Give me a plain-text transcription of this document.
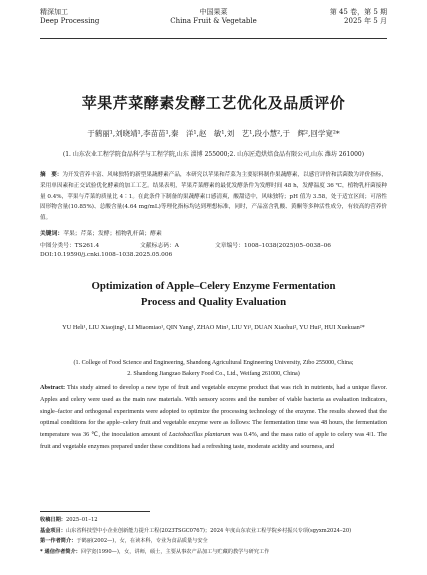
精深加工
Deep Processing
中国果菜
China Fruit & Vegetable
第 45 卷，第 5 期
2025 年 5 月
苹果芹菜酵素发酵工艺优化及品质评价
于鹤丽¹,刘晓靖¹,李苗苗¹,秦　洋¹,赵　敏¹,刘　艺¹,段小慧²,于　辉²,回学宽²*
(1. 山东农业工程学院食品科学与工程学院,山东 淄博 255000;2. 山东匠造烘焙食品有限公司,山东 潍坊 261000)
摘　要：为开发营养丰富、风味独特的新型果蔬酵素产品，本研究以苹果和芹菜为主要原料制作果蔬酵素，以感官评价和活菌数为评价指标，采用单因素和正交试验优化酵素的加工工艺。结果表明，苹果芹菜酵素的最优发酵条件为发酵时间 48 h，发酵温度 36 ℃，植物乳杆菌接种量 0.4%，苹果与芹菜的质量比 4∶1。在此条件下制备的果蔬酵素口感清爽，酸甜适中，风味独特；pH 值为 3.58，处于适宜区间；可溶性固形物含量(10.85%)、总酸含量(4.64 mg/mL)等理化指标均达到理想标准，同时，产品富含乳酸、黄酮等多种活性成分，有较高的营养价值。
关键词：苹果；芹菜；发酵；植物乳杆菌；酵素
中图分类号：TS261.4	文献标志码：A	文章编号：1008–1038(2025)05–0038–06
DOI:10.19590/j.cnki.1008–1038.2025.05.006
Optimization of Apple–Celery Enzyme Fermentation
Process and Quality Evaluation
YU Heli¹, LIU Xiaojing¹, LI Miaomiao¹, QIN Yang¹, ZHAO Min¹, LIU Yi¹, DUAN Xiaohui², YU Hui², HUI Xuekuan²*
(1. College of Food Science and Engineering, Shandong Agricultural Engineering University, Zibo 255000, China;
2. Shandong Jiangzao Bakery Food Co., Ltd., Weifang 261000, China)
Abstract: This study aimed to develop a new type of fruit and vegetable enzyme product that was rich in nutrients, had a unique flavor. Apples and celery were used as the main raw materials. With sensory scores and the number of viable bacteria as evaluation indicators, single–factor and orthogonal experiments were adopted to optimize the processing technology of the enzyme. The results showed that the optimal conditions for the apple–celery fruit and vegetable enzyme were as follows: The fermentation time was 48 hours, the fermentation temperature was 36 ℃, the inoculation amount of Lactobacillus plantarum was 0.4%, and the mass ratio of apple to celery was 4∶1. The fruit and vegetable enzymes prepared under these conditions had a refreshing taste, moderate acidity and sourness, and
收稿日期：2025–01–12
基金项目：山东省科技型中小企业创新能力提升工程(2023TSGC0767)；2024 年度山东农业工程学院乡村振兴专项(sgyxm2024–20)
第一作者简介：于鹤丽(2002—)，女，在读本科，专业为食品质量与安全
* 通信作者简介：回学宽(1990—)，女，讲师，硕士，主要从事农产品加工与贮藏的教学与研究工作
